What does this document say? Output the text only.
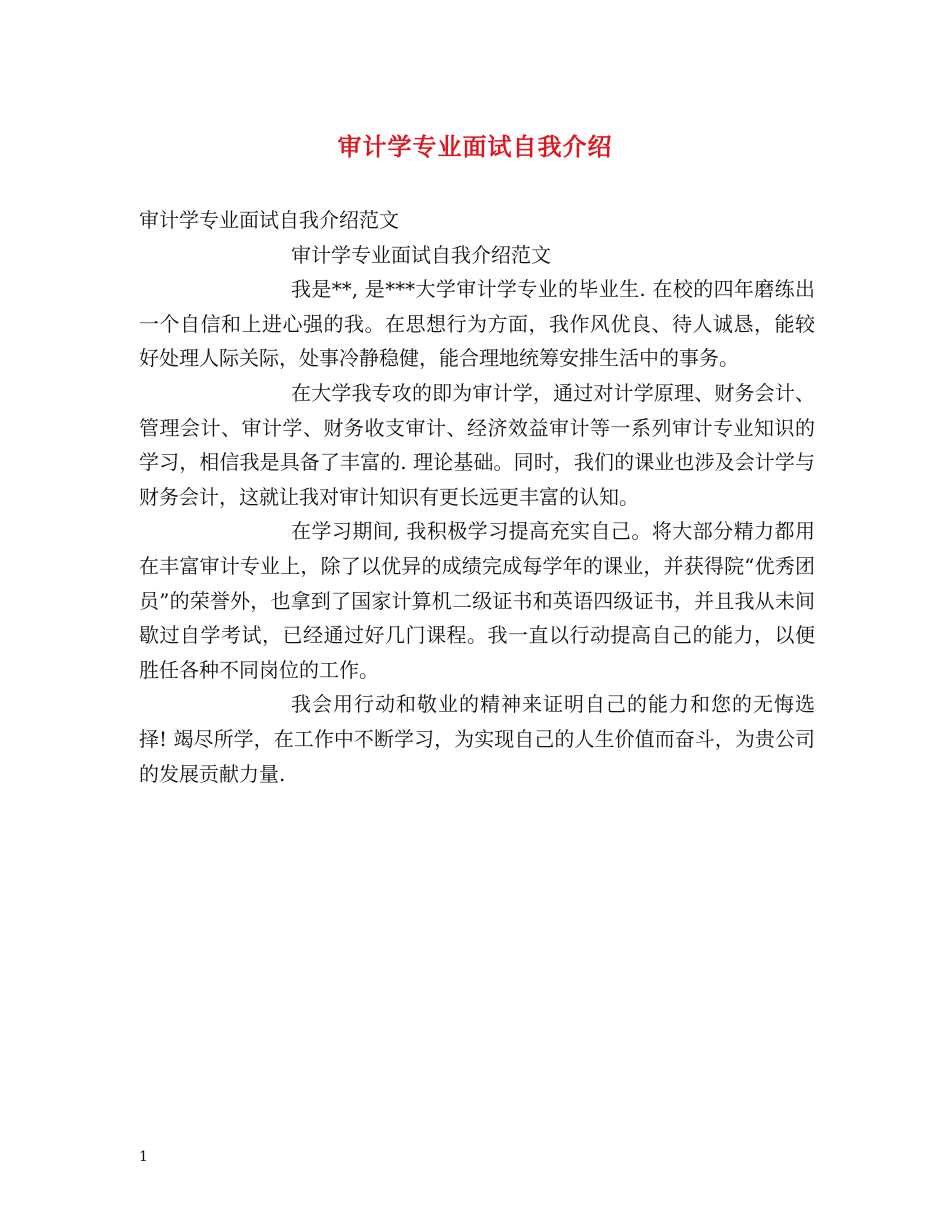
审计学专业面试自我介绍

审计学专业面试自我介绍范文

审计学专业面试自我介绍范文

我是**, 是***大学审计学专业的毕业生. 在校的四年磨练出一个自信和上进心强的我。在思想行为方面，我作风优良、待人诚恳，能较好处理人际关际，处事冷静稳健，能合理地统筹安排生活中的事务。

在大学我专攻的即为审计学，通过对计学原理、财务会计、管理会计、审计学、财务收支审计、经济效益审计等一系列审计专业知识的学习，相信我是具备了丰富的. 理论基础。同时，我们的课业也涉及会计学与财务会计，这就让我对审计知识有更长远更丰富的认知。

在学习期间, 我积极学习提高充实自己。将大部分精力都用在丰富审计专业上，除了以优异的成绩完成每学年的课业，并获得院“优秀团员”的荣誉外，也拿到了国家计算机二级证书和英语四级证书，并且我从未间歇过自学考试，已经通过好几门课程。我一直以行动提高自己的能力，以便胜任各种不同岗位的工作。

我会用行动和敬业的精神来证明自己的能力和您的无悔选择! 竭尽所学，在工作中不断学习，为实现自己的人生价值而奋斗，为贵公司的发展贡献力量.

1
